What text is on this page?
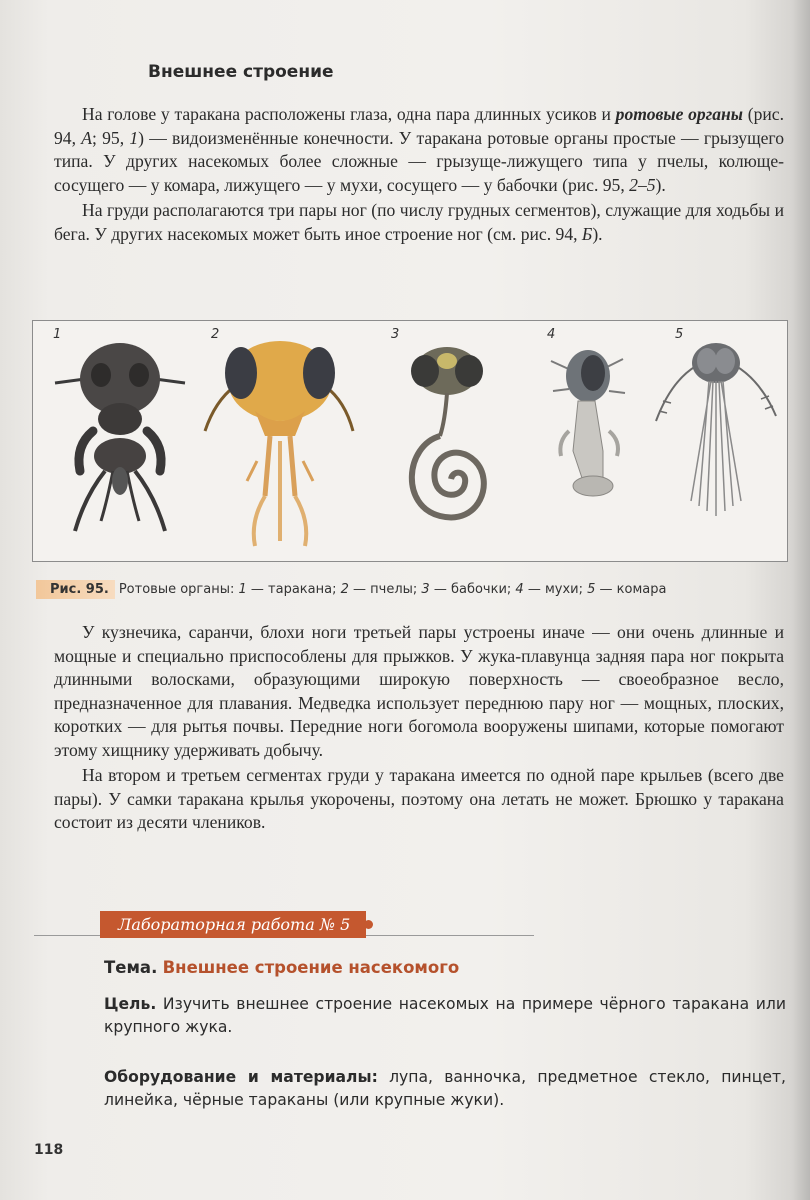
Внешнее строение

На голове у таракана расположены глаза, одна пара длинных усиков и ротовые органы (рис. 94, А; 95, 1) — видоизменённые конечности. У таракана ротовые органы простые — грызущего типа. У других насекомых более сложные — грызуще-лижущего типа у пчелы, колюще-сосущего — у комара, лижущего — у мухи, сосущего — у бабочки (рис. 95, 2–5).

На груди располагаются три пары ног (по числу грудных сегментов), служащие для ходьбы и бега. У других насекомых может быть иное строение ног (см. рис. 94, Б).

1	2	3	4	5
Рис. 95. Ротовые органы: 1 — таракана; 2 — пчелы; 3 — бабочки; 4 — мухи; 5 — комара

У кузнечика, саранчи, блохи ноги третьей пары устроены иначе — они очень длинные и мощные и специально приспособлены для прыжков. У жука-плавунца задняя пара ног покрыта длинными волосками, образующими широкую поверхность — своеобразное весло, предназначенное для плавания. Медведка использует переднюю пару ног — мощных, плоских, коротких — для рытья почвы. Передние ноги богомола вооружены шипами, которые помогают этому хищнику удерживать добычу.

На втором и третьем сегментах груди у таракана имеется по одной паре крыльев (всего две пары). У самки таракана крылья укорочены, поэтому она летать не может. Брюшко у таракана состоит из десяти члеников.

Лабораторная работа № 5
Тема. Внешнее строение насекомого
Цель. Изучить внешнее строение насекомых на примере чёрного таракана или крупного жука.
Оборудование и материалы: лупа, ванночка, предметное стекло, пинцет, линейка, чёрные тараканы (или крупные жуки).
118
